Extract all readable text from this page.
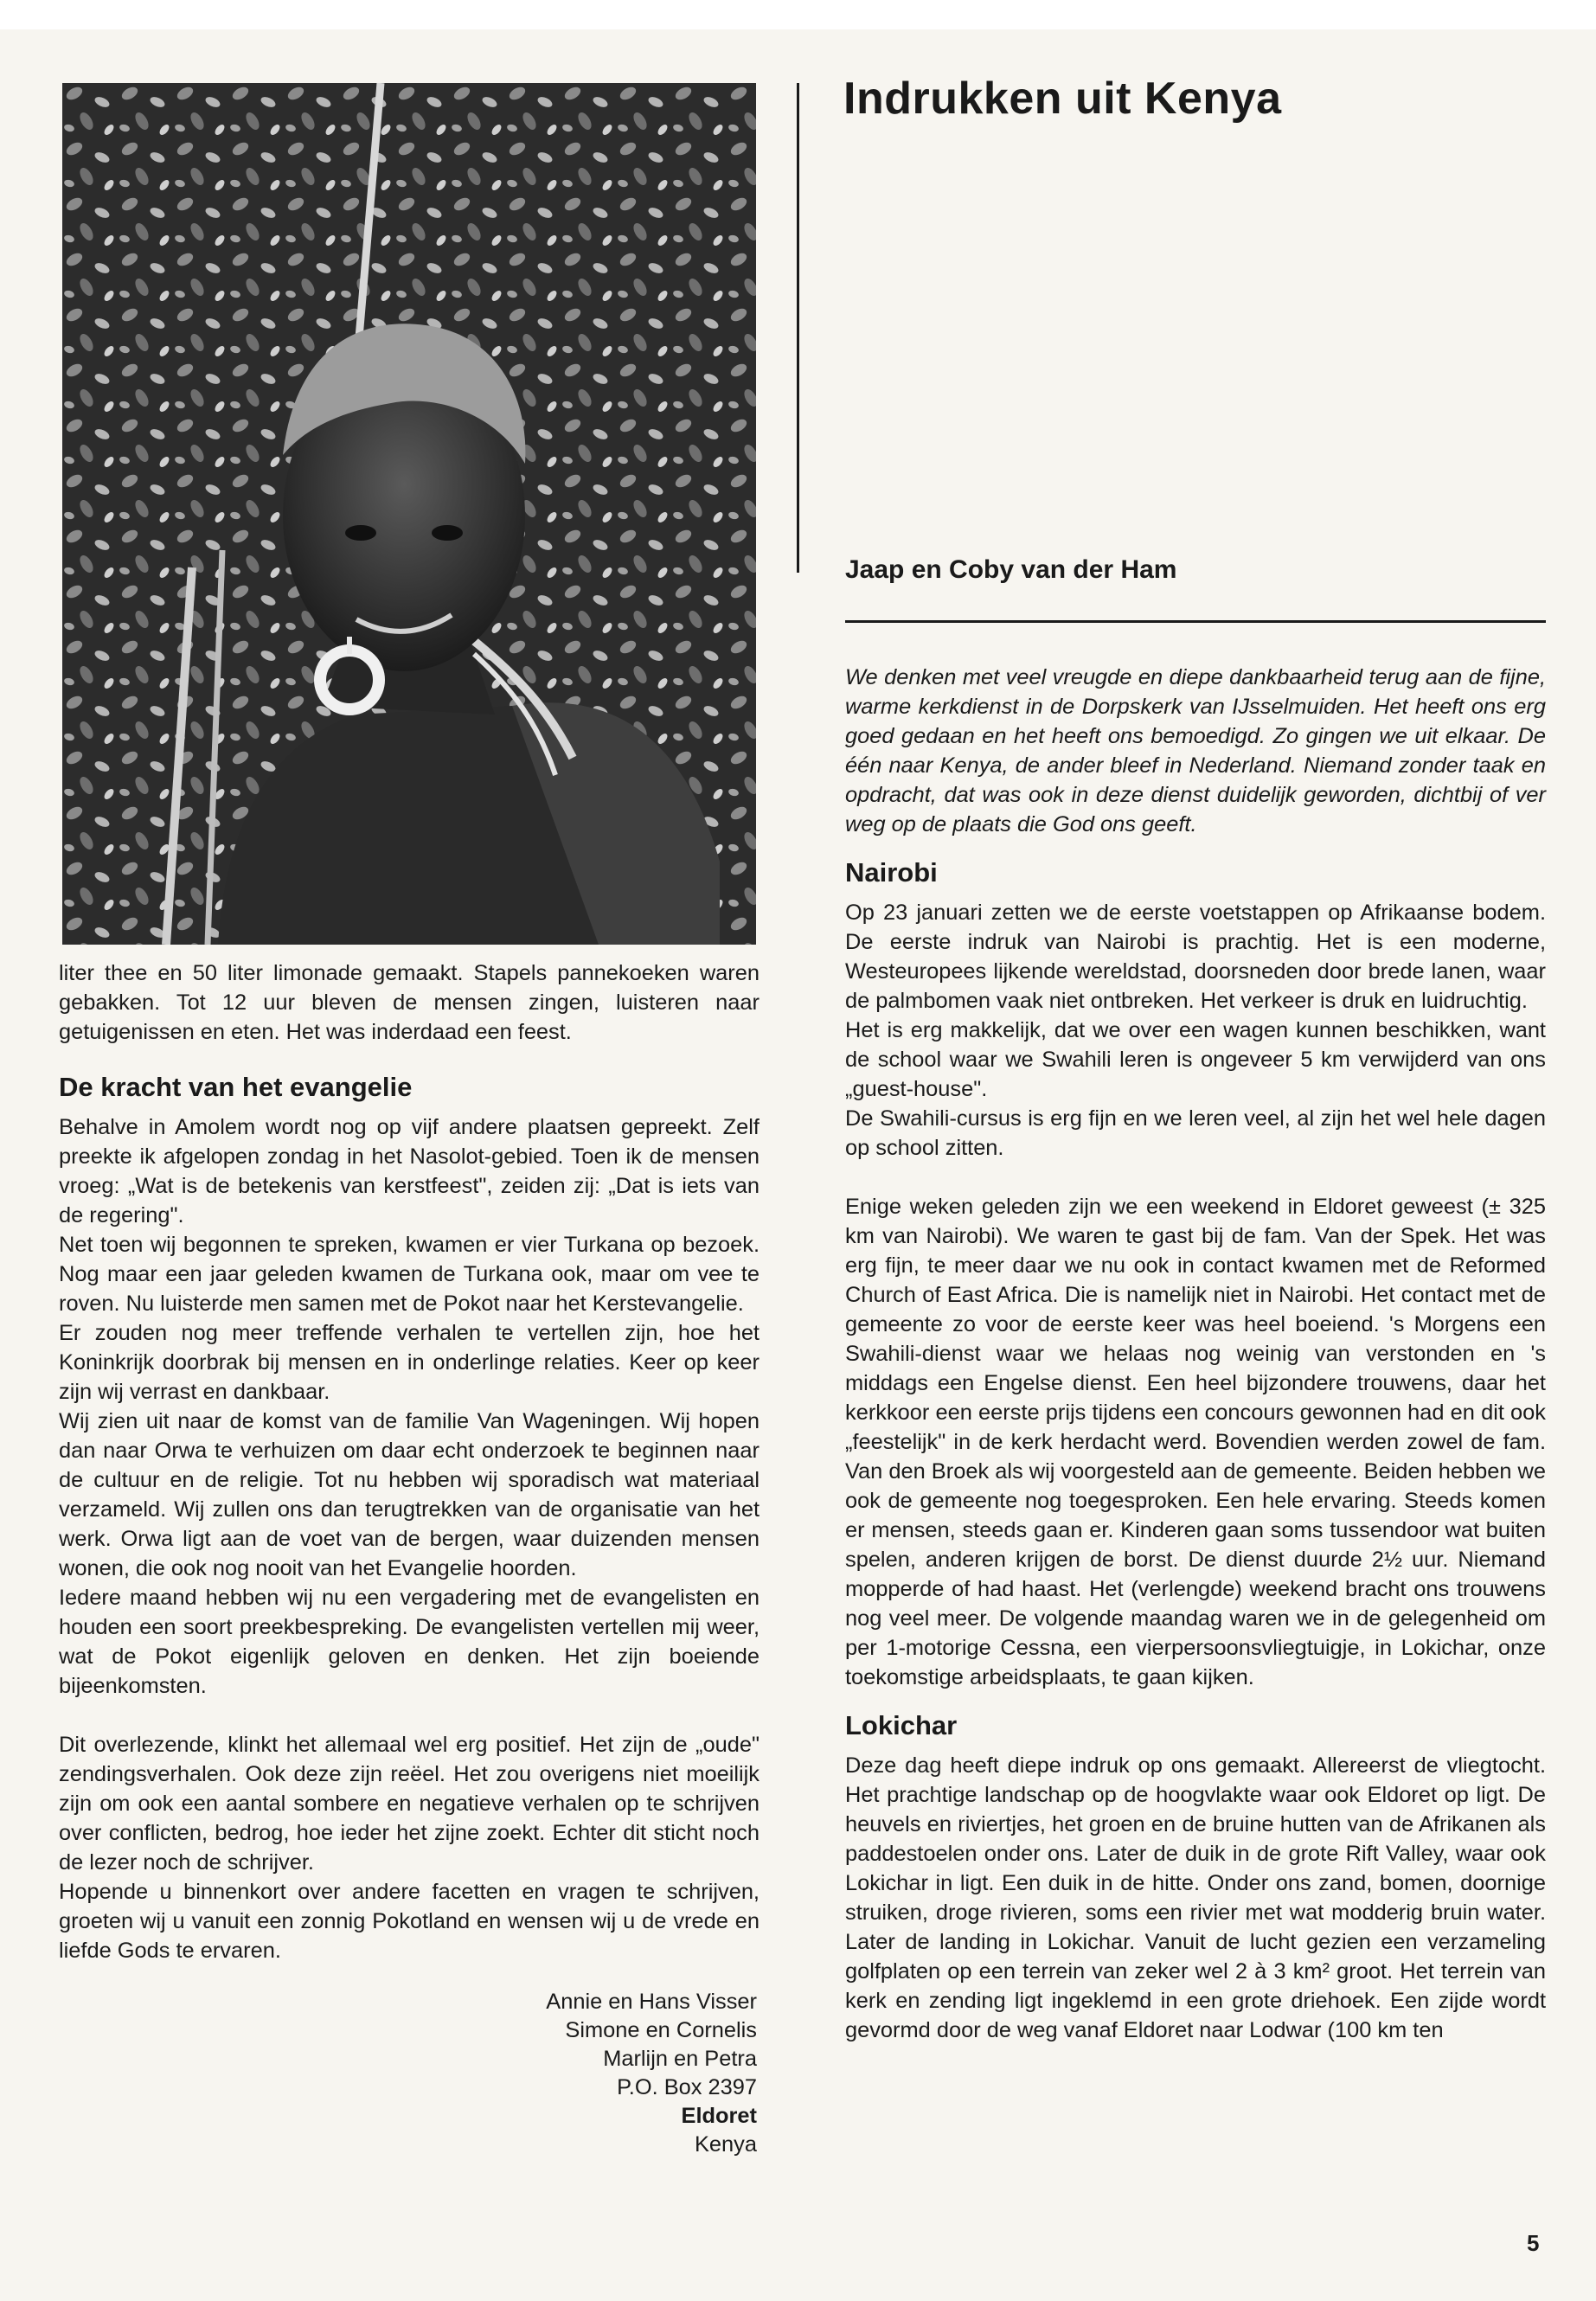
liter thee en 50 liter limonade gemaakt. Stapels pannekoeken waren gebakken. Tot 12 uur bleven de mensen zingen, luisteren naar getuigenissen en eten. Het was inderdaad een feest.

De kracht van het evangelie

Behalve in Amolem wordt nog op vijf andere plaatsen gepreekt. Zelf preekte ik afgelopen zondag in het Nasolot-gebied. Toen ik de mensen vroeg: „Wat is de betekenis van kerstfeest", zeiden zij: „Dat is iets van de regering".

Net toen wij begonnen te spreken, kwamen er vier Turkana op bezoek. Nog maar een jaar geleden kwamen de Turkana ook, maar om vee te roven. Nu luisterde men samen met de Pokot naar het Kerstevangelie.

Er zouden nog meer treffende verhalen te vertellen zijn, hoe het Koninkrijk doorbrak bij mensen en in onderlinge relaties. Keer op keer zijn wij verrast en dankbaar.

Wij zien uit naar de komst van de familie Van Wageningen. Wij hopen dan naar Orwa te verhuizen om daar echt onderzoek te beginnen naar de cultuur en de religie. Tot nu hebben wij sporadisch wat materiaal verzameld. Wij zullen ons dan terugtrekken van de organisatie van het werk. Orwa ligt aan de voet van de bergen, waar duizenden mensen wonen, die ook nog nooit van het Evangelie hoorden.

Iedere maand hebben wij nu een vergadering met de evangelisten en houden een soort preekbespreking. De evangelisten vertellen mij weer, wat de Pokot eigenlijk geloven en denken. Het zijn boeiende bijeenkomsten.

Dit overlezende, klinkt het allemaal wel erg positief. Het zijn de „oude" zendingsverhalen. Ook deze zijn reëel. Het zou overigens niet moeilijk zijn om ook een aantal sombere en negatieve verhalen op te schrijven over conflicten, bedrog, hoe ieder het zijne zoekt. Echter dit sticht noch de lezer noch de schrijver.

Hopende u binnenkort over andere facetten en vragen te schrijven, groeten wij u vanuit een zonnig Pokotland en wensen wij u de vrede en liefde Gods te ervaren.

Annie en Hans Visser
Simone en Cornelis
Marlijn en Petra
P.O. Box 2397
Eldoret
Kenya
Indrukken uit Kenya

Jaap en Coby van der Ham

We denken met veel vreugde en diepe dankbaarheid terug aan de fijne, warme kerkdienst in de Dorpskerk van IJsselmuiden. Het heeft ons erg goed gedaan en het heeft ons bemoedigd. Zo gingen we uit elkaar. De één naar Kenya, de ander bleef in Nederland. Niemand zonder taak en opdracht, dat was ook in deze dienst duidelijk geworden, dichtbij of ver weg op de plaats die God ons geeft.

Nairobi

Op 23 januari zetten we de eerste voetstappen op Afrikaanse bodem. De eerste indruk van Nairobi is prachtig. Het is een moderne, Westeuropees lijkende wereldstad, doorsneden door brede lanen, waar de palmbomen vaak niet ontbreken. Het verkeer is druk en luidruchtig.

Het is erg makkelijk, dat we over een wagen kunnen beschikken, want de school waar we Swahili leren is ongeveer 5 km verwijderd van ons „guest-house".

De Swahili-cursus is erg fijn en we leren veel, al zijn het wel hele dagen op school zitten.

Enige weken geleden zijn we een weekend in Eldoret geweest (± 325 km van Nairobi). We waren te gast bij de fam. Van der Spek. Het was erg fijn, te meer daar we nu ook in contact kwamen met de Reformed Church of East Africa. Die is namelijk niet in Nairobi. Het contact met de gemeente zo voor de eerste keer was heel boeiend. 's Morgens een Swahili-dienst waar we helaas nog weinig van verstonden en 's middags een Engelse dienst. Een heel bijzondere trouwens, daar het kerkkoor een eerste prijs tijdens een concours gewonnen had en dit ook „feestelijk" in de kerk herdacht werd. Bovendien werden zowel de fam. Van den Broek als wij voorgesteld aan de gemeente. Beiden hebben we ook de gemeente nog toegesproken. Een hele ervaring. Steeds komen er mensen, steeds gaan er. Kinderen gaan soms tussendoor wat buiten spelen, anderen krijgen de borst. De dienst duurde 2½ uur. Niemand mopperde of had haast. Het (verlengde) weekend bracht ons trouwens nog veel meer. De volgende maandag waren we in de gelegenheid om per 1-motorige Cessna, een vierpersoonsvliegtuigje, in Lokichar, onze toekomstige arbeidsplaats, te gaan kijken.

Lokichar

Deze dag heeft diepe indruk op ons gemaakt. Allereerst de vliegtocht. Het prachtige landschap op de hoogvlakte waar ook Eldoret op ligt. De heuvels en riviertjes, het groen en de bruine hutten van de Afrikanen als paddestoelen onder ons. Later de duik in de grote Rift Valley, waar ook Lokichar in ligt. Een duik in de hitte. Onder ons zand, bomen, doornige struiken, droge rivieren, soms een rivier met wat modderig bruin water. Later de landing in Lokichar. Vanuit de lucht gezien een verzameling golfplaten op een terrein van zeker wel 2 à 3 km² groot. Het terrein van kerk en zending ligt ingeklemd in een grote driehoek. Een zijde wordt gevormd door de weg vanaf Eldoret naar Lodwar (100 km ten

5
